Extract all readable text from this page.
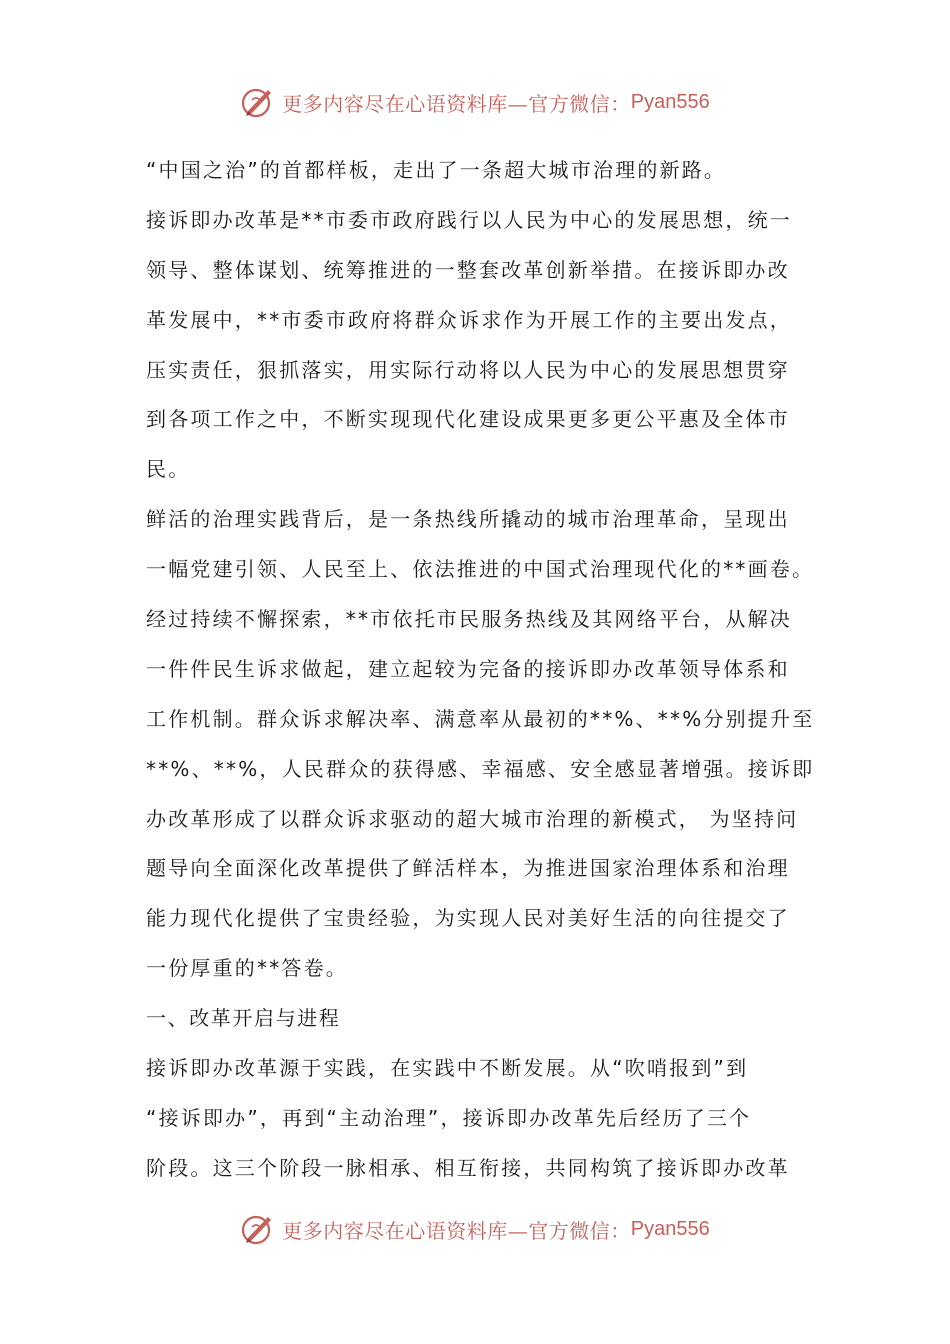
更多内容尽在心语资料库—官方微信： Pyan556
“中国之治”的首都样板，走出了一条超大城市治理的新路。
接诉即办改革是**市委市政府践行以人民为中心的发展思想，统一
领导、整体谋划、统筹推进的一整套改革创新举措。在接诉即办改
革发展中，**市委市政府将群众诉求作为开展工作的主要出发点，
压实责任，狠抓落实，用实际行动将以人民为中心的发展思想贯穿
到各项工作之中，不断实现现代化建设成果更多更公平惠及全体市
民。
鲜活的治理实践背后，是一条热线所撬动的城市治理革命，呈现出
一幅党建引领、人民至上、依法推进的中国式治理现代化的**画卷。
经过持续不懈探索，**市依托市民服务热线及其网络平台，从解决
一件件民生诉求做起，建立起较为完备的接诉即办改革领导体系和
工作机制。群众诉求解决率、满意率从最初的**%、**%分别提升至
**%、**%，人民群众的获得感、幸福感、安全感显著增强。接诉即
办改革形成了以群众诉求驱动的超大城市治理的新模式， 为坚持问
题导向全面深化改革提供了鲜活样本，为推进国家治理体系和治理
能力现代化提供了宝贵经验，为实现人民对美好生活的向往提交了
一份厚重的**答卷。
一、改革开启与进程
接诉即办改革源于实践，在实践中不断发展。从“吹哨报到”到
“接诉即办”，再到“主动治理”，接诉即办改革先后经历了三个
阶段。这三个阶段一脉相承、相互衔接，共同构筑了接诉即办改革
更多内容尽在心语资料库—官方微信： Pyan556
